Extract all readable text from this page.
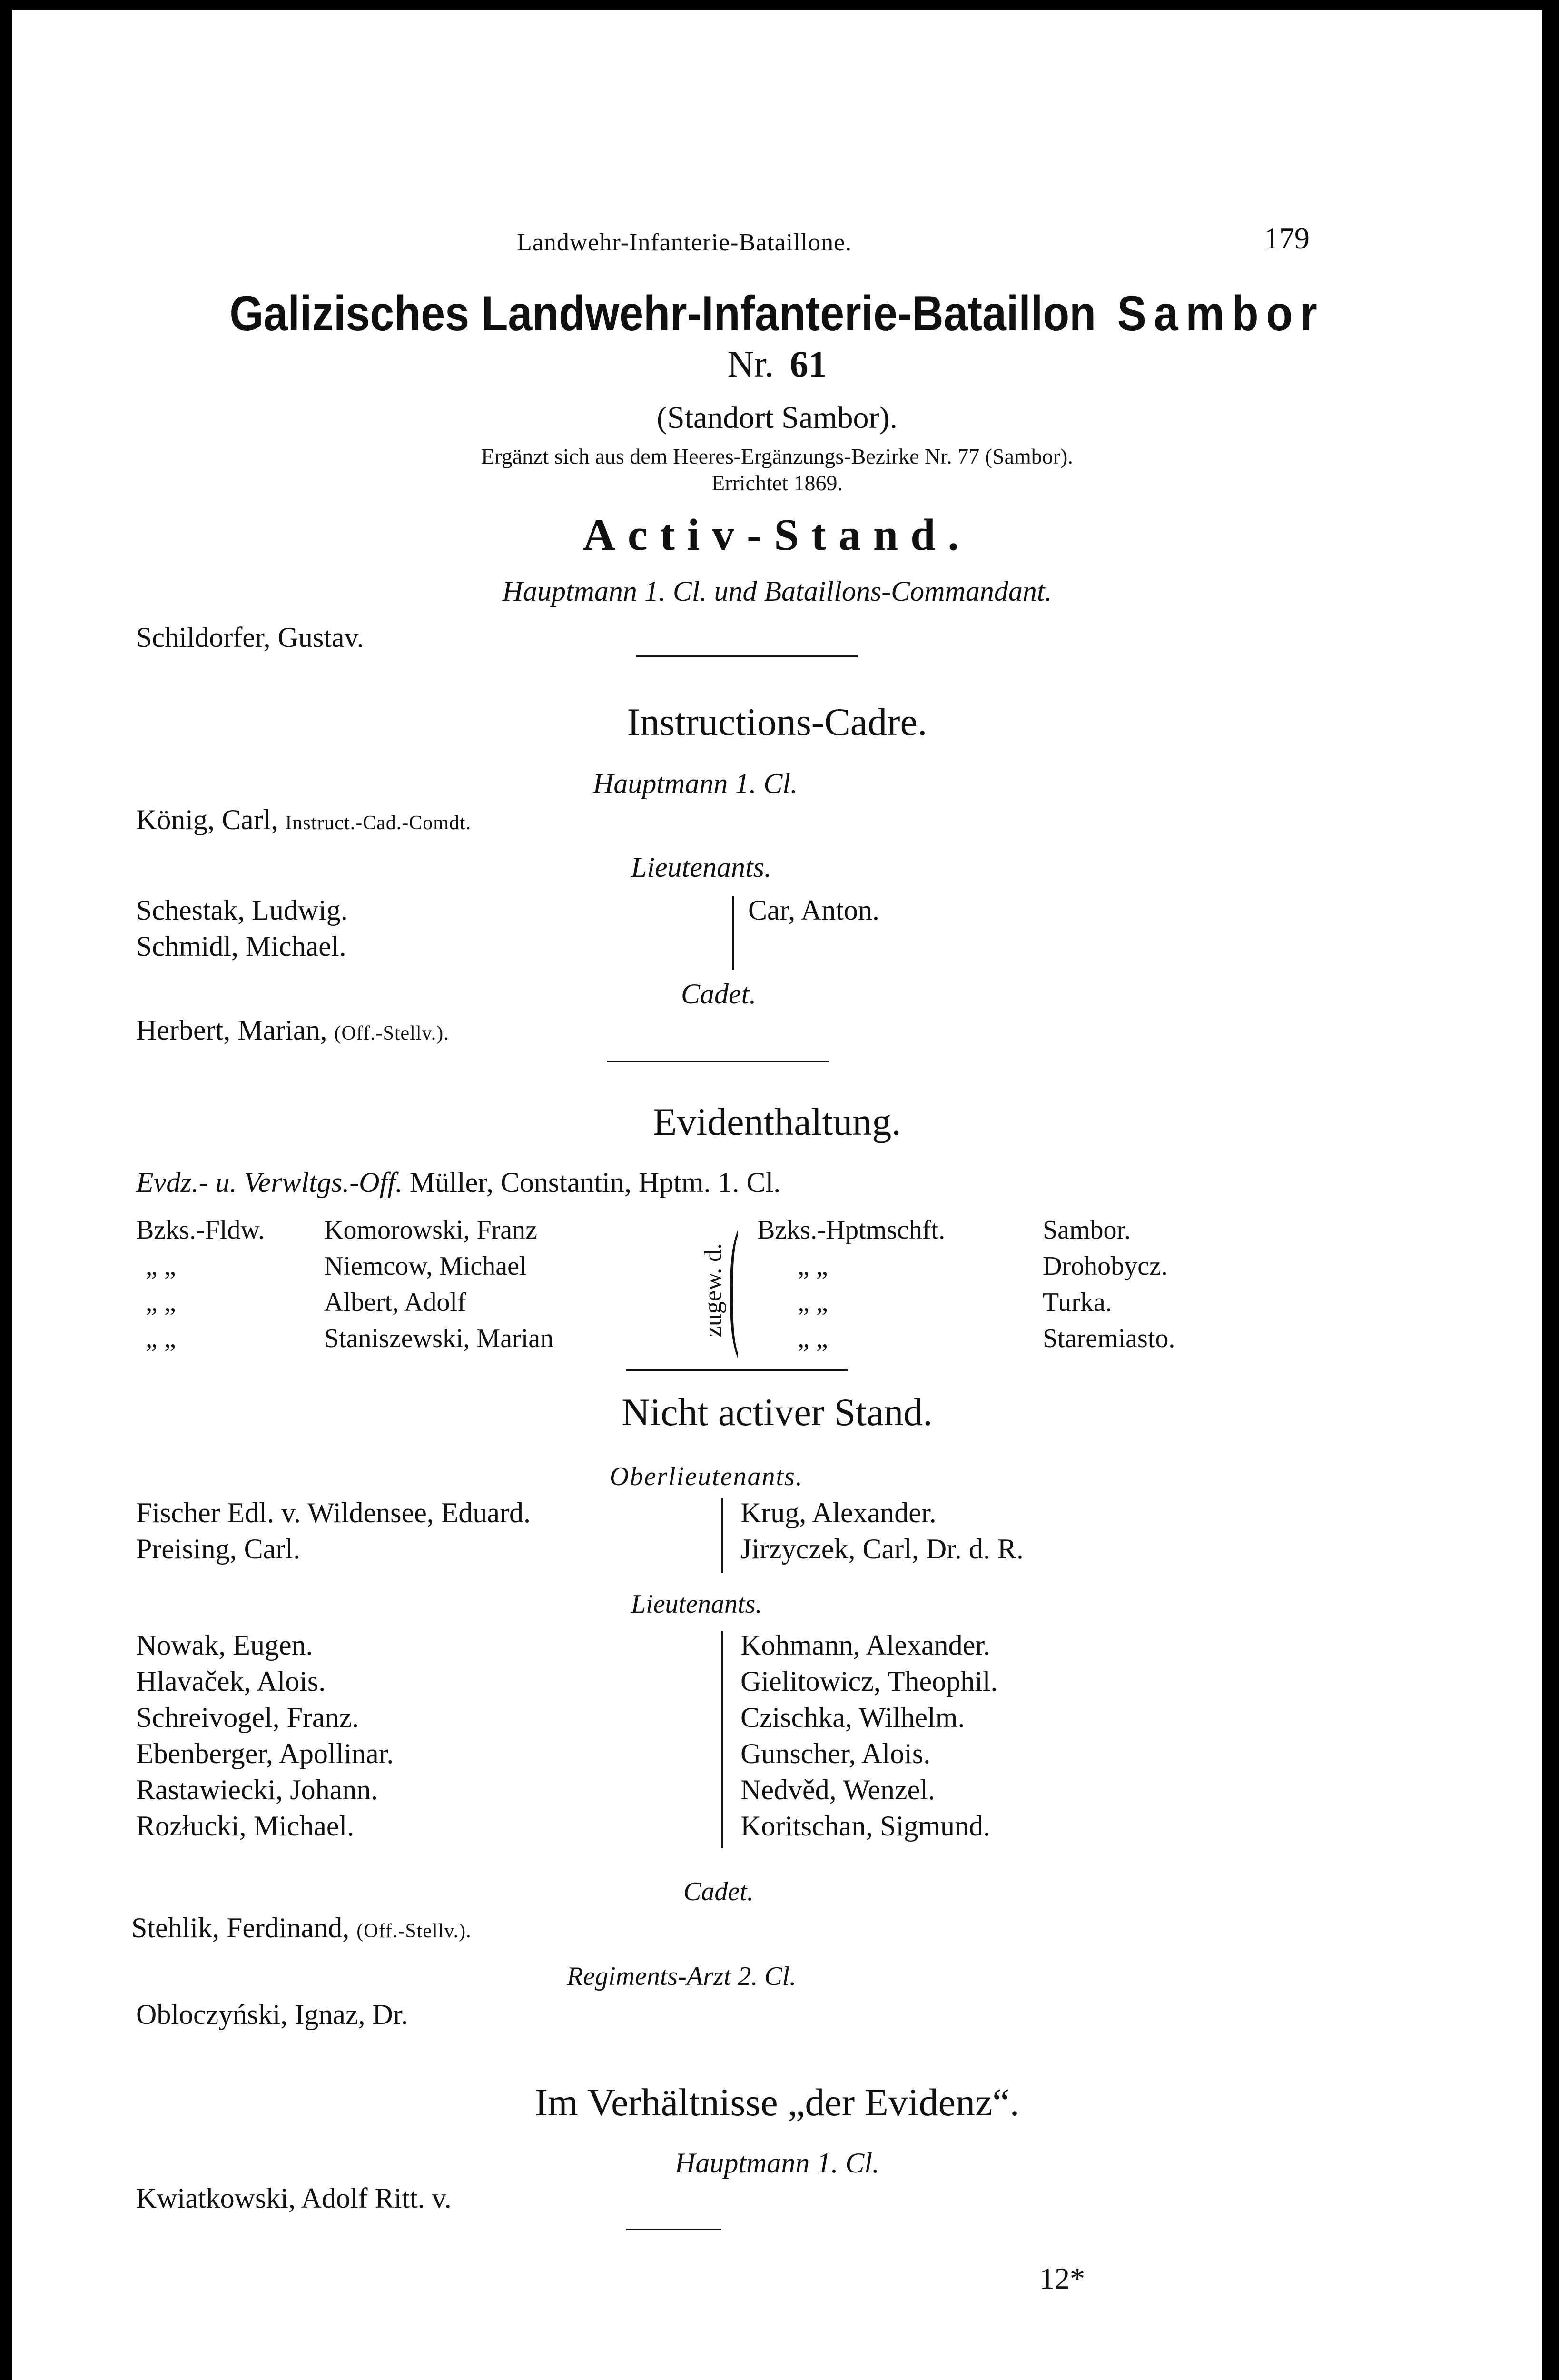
Landwehr-Infanterie-Bataillone.	179
Galizisches Landwehr-Infanterie-Bataillon Sambor
Nr. 61
(Standort Sambor).
Ergänzt sich aus dem Heeres-Ergänzungs-Bezirke Nr. 77 (Sambor).
Errichtet 1869.
Activ-Stand.
Hauptmann 1. Cl. und Bataillons-Commandant.
Schildorfer, Gustav.
Instructions-Cadre.
Hauptmann 1. Cl.
König, Carl, Instruct.-Cad.-Comdt.
Lieutenants.
Schestak, Ludwig.
Schmidl, Michael.
Car, Anton.
Cadet.
Herbert, Marian, (Off.-Stellv.).
Evidenthaltung.
Evdz.- u. Verwltgs.-Off. Müller, Constantin, Hptm. 1. Cl.
Bzks.-Fldw.
„ „
„ „
„ „
Komorowski, Franz
Niemcow, Michael
Albert, Adolf
Staniszewski, Marian
zugew. d. ( Bzks.-Hptmschft.
„ „
„ „
„ „
Sambor.
Drohobycz.
Turka.
Staremiasto.
Nicht activer Stand.
Oberlieutenants.
Fischer Edl. v. Wildensee, Eduard.
Preising, Carl.
Krug, Alexander.
Jirzyczek, Carl, Dr. d. R.
Lieutenants.
Nowak, Eugen.
Hlavaček, Alois.
Schreivogel, Franz.
Ebenberger, Apollinar.
Rastawiecki, Johann.
Rozłucki, Michael.
Kohmann, Alexander.
Gielitowicz, Theophil.
Czischka, Wilhelm.
Gunscher, Alois.
Nedvěd, Wenzel.
Koritschan, Sigmund.
Cadet.
Stehlik, Ferdinand, (Off.-Stellv.).
Regiments-Arzt 2. Cl.
Obloczyński, Ignaz, Dr.
Im Verhältnisse „der Evidenz“.
Hauptmann 1. Cl.
Kwiatkowski, Adolf Ritt. v.
12*
